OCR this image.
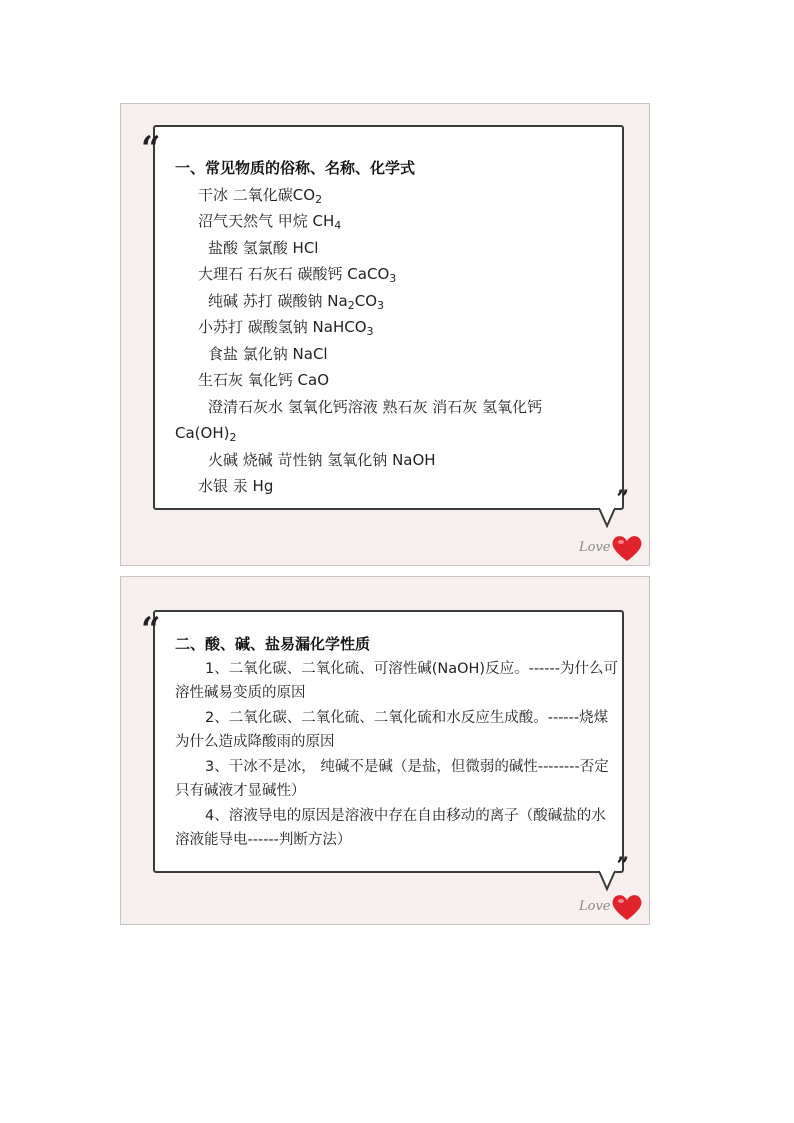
“
”
Love
一、常见物质的俗称、名称、化学式
干冰 二氧化碳$CO_2$
沼气天然气 甲烷 $CH_4$
盐酸 氢氯酸 HCl
大理石 石灰石 碳酸钙 CaCO$_3$
纯碱 苏打 碳酸钠 $Na_2CO_3$
小苏打 碳酸氢钠 NaHCO$_3$
食盐 氯化钠 NaCl
生石灰 氧化钙 CaO
澄清石灰水 氢氧化钙溶液 熟石灰 消石灰 氢氧化钙
$Ca(OH)_2$
火碱 烧碱 苛性钠 氢氧化钠 NaOH
水银 汞 Hg
“
”
Love
二、酸、碱、盐易漏化学性质
1、二氧化碳、二氧化硫、可溶性碱(NaOH)反应。------为什么可溶性碱易变质的原因
2、二氧化碳、二氧化硫、二氧化硫和水反应生成酸。------烧煤为什么造成降酸雨的原因
3、干冰不是冰， 纯碱不是碱（是盐，但微弱的碱性--------否定只有碱液才显碱性）
4、溶液导电的原因是溶液中存在自由移动的离子（酸碱盐的水溶液能导电------判断方法）
